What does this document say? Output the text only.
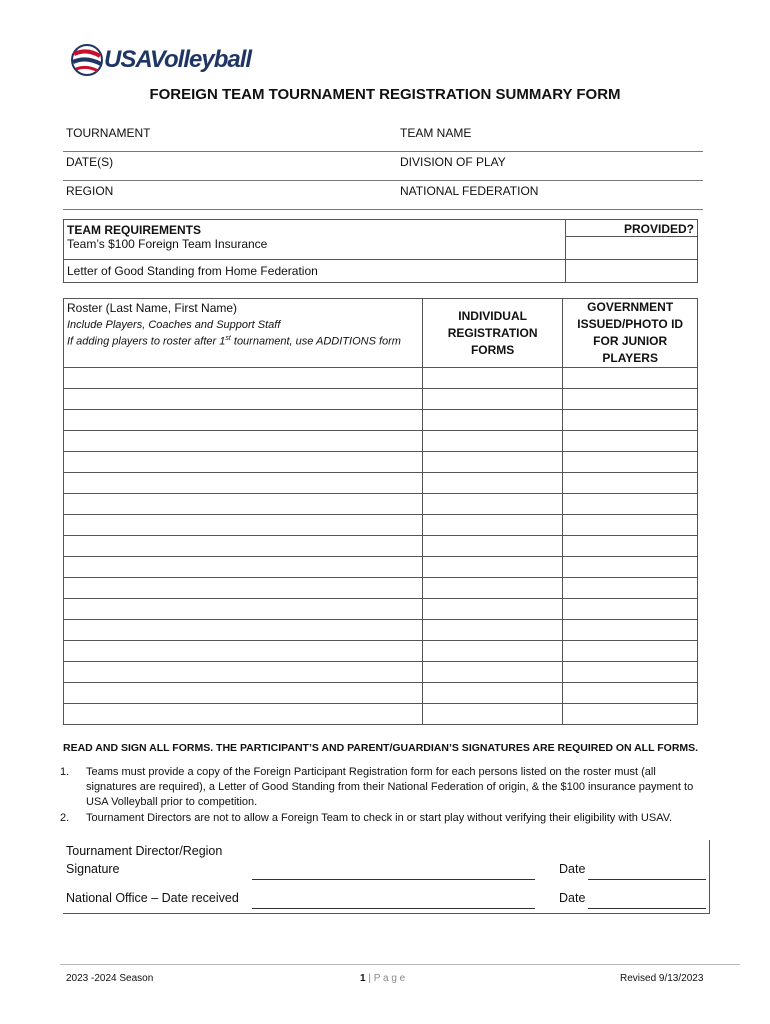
USAVolleyball
FOREIGN TEAM TOURNAMENT REGISTRATION SUMMARY FORM
TOURNAMENT	TEAM NAME
DATE(S)	DIVISION OF PLAY
REGION	NATIONAL FEDERATION
TEAM REQUIREMENTS	PROVIDED?
Team’s $100 Foreign Team Insurance	
Letter of Good Standing from Home Federation	
Roster (Last Name, First Name)
Include Players, Coaches and Support Staff
If adding players to roster after 1st tournament, use ADDITIONS form	INDIVIDUAL REGISTRATION FORMS	GOVERNMENT ISSUED/PHOTO ID FOR JUNIOR PLAYERS

READ AND SIGN ALL FORMS. THE PARTICIPANT’S AND PARENT/GUARDIAN’S SIGNATURES ARE REQUIRED ON ALL FORMS.
1. Teams must provide a copy of the Foreign Participant Registration form for each persons listed on the roster must (all signatures are required), a Letter of Good Standing from their National Federation of origin, & the $100 insurance payment to USA Volleyball prior to competition.
2. Tournament Directors are not to allow a Foreign Team to check in or start play without verifying their eligibility with USAV.
Tournament Director/Region
Signature	Date
National Office – Date received	Date
2023 -2024 Season	1 | P a g e	Revised 9/13/2023
